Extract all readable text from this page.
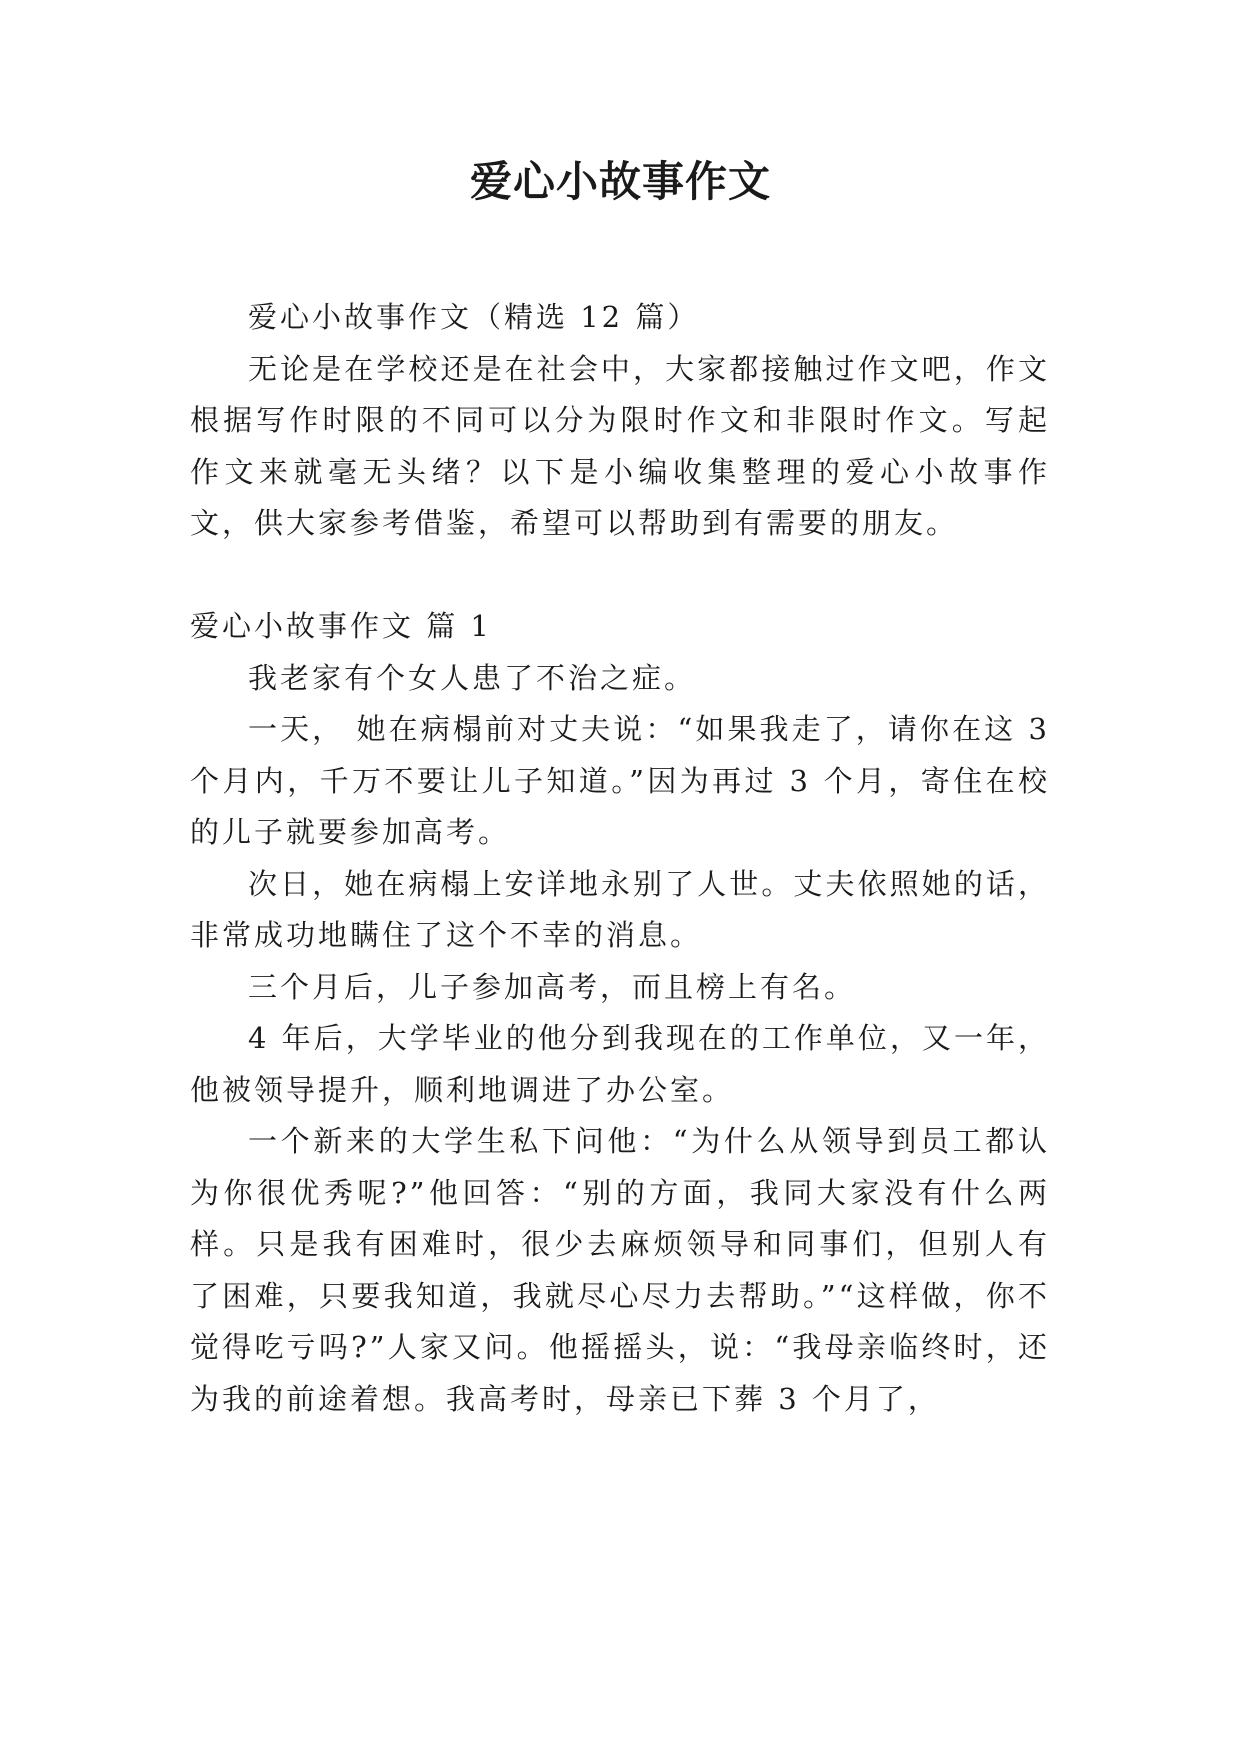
爱心小故事作文

爱心小故事作文（精选 12 篇）

无论是在学校还是在社会中，大家都接触过作文吧，作文根据写作时限的不同可以分为限时作文和非限时作文。写起作文来就毫无头绪？以下是小编收集整理的爱心小故事作文，供大家参考借鉴，希望可以帮助到有需要的朋友。

爱心小故事作文 篇 1

我老家有个女人患了不治之症。

一天， 她在病榻前对丈夫说：“如果我走了，请你在这 3 个月内，千万不要让儿子知道。”因为再过 3 个月，寄住在校的儿子就要参加高考。

次日，她在病榻上安详地永别了人世。丈夫依照她的话，非常成功地瞒住了这个不幸的消息。

三个月后，儿子参加高考，而且榜上有名。

4 年后，大学毕业的他分到我现在的工作单位，又一年，他被领导提升，顺利地调进了办公室。

一个新来的大学生私下问他：“为什么从领导到员工都认为你很优秀呢?”他回答：“别的方面，我同大家没有什么两样。只是我有困难时，很少去麻烦领导和同事们，但别人有了困难，只要我知道，我就尽心尽力去帮助。”“这样做，你不觉得吃亏吗?”人家又问。他摇摇头，说：“我母亲临终时，还为我的前途着想。我高考时，母亲已下葬 3 个月了，
